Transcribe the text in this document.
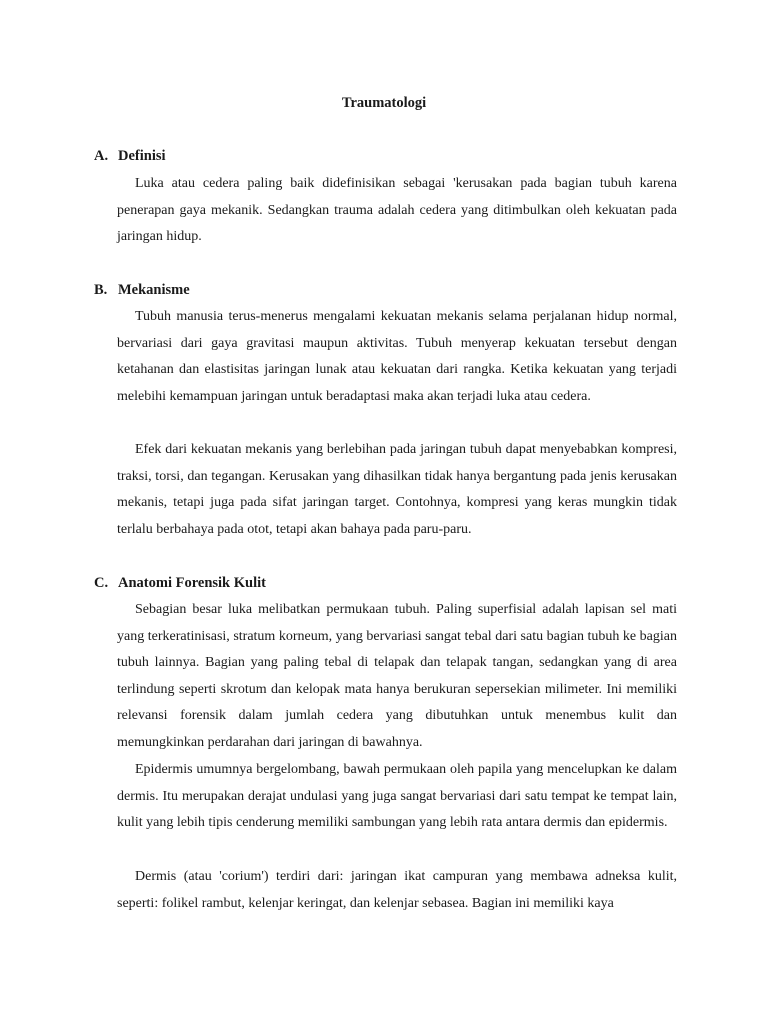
Traumatologi
A. Definisi

Luka atau cedera paling baik didefinisikan sebagai 'kerusakan pada bagian tubuh karena penerapan gaya mekanik. Sedangkan trauma adalah cedera yang ditimbulkan oleh kekuatan pada jaringan hidup.

B. Mekanisme

Tubuh manusia terus-menerus mengalami kekuatan mekanis selama perjalanan hidup normal, bervariasi dari gaya gravitasi maupun aktivitas. Tubuh menyerap kekuatan tersebut dengan ketahanan dan elastisitas jaringan lunak atau kekuatan dari rangka. Ketika kekuatan yang terjadi melebihi kemampuan jaringan untuk beradaptasi maka akan terjadi luka atau cedera.

Efek dari kekuatan mekanis yang berlebihan pada jaringan tubuh dapat menyebabkan kompresi, traksi, torsi, dan tegangan. Kerusakan yang dihasilkan tidak hanya bergantung pada jenis kerusakan mekanis, tetapi juga pada sifat jaringan target. Contohnya, kompresi yang keras mungkin tidak terlalu berbahaya pada otot, tetapi akan bahaya pada paru-paru.

C. Anatomi Forensik Kulit

Sebagian besar luka melibatkan permukaan tubuh. Paling superfisial adalah lapisan sel mati yang terkeratinisasi, stratum korneum, yang bervariasi sangat tebal dari satu bagian tubuh ke bagian tubuh lainnya. Bagian yang paling tebal di telapak dan telapak tangan, sedangkan yang di area terlindung seperti skrotum dan kelopak mata hanya berukuran sepersekian milimeter. Ini memiliki relevansi forensik dalam jumlah cedera yang dibutuhkan untuk menembus kulit dan memungkinkan perdarahan dari jaringan di bawahnya.

Epidermis umumnya bergelombang, bawah permukaan oleh papila yang mencelupkan ke dalam dermis. Itu merupakan derajat undulasi yang juga sangat bervariasi dari satu tempat ke tempat lain, kulit yang lebih tipis cenderung memiliki sambungan yang lebih rata antara dermis dan epidermis.

Dermis (atau 'corium') terdiri dari: jaringan ikat campuran yang membawa adneksa kulit, seperti: folikel rambut, kelenjar keringat, dan kelenjar sebasea. Bagian ini memiliki kaya
